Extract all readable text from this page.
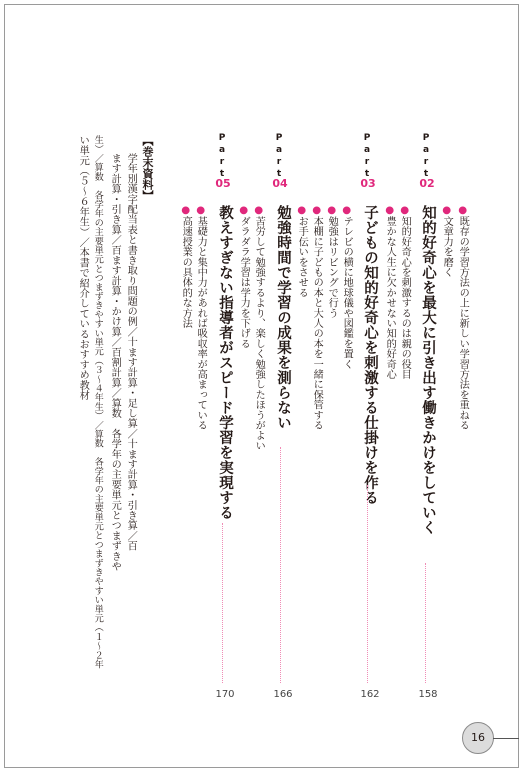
Part
02
●既存の学習方法の上に新しい学習方法を重ねる
●文章力を磨く
知的好奇心を最大に引き出す働きかけをしていく
●知的好奇心を刺激するのは親の役目
●豊かな人生に欠かせない知的好奇心
158
Part
03
子どもの知的好奇心を刺激する仕掛けを作る
●テレビの横に地球儀や図鑑を置く
●勉強はリビングで行う
●本棚に子どもの本と大人の本を一緒に保管する
●お手伝いをさせる
162
Part
04
勉強時間で学習の成果を測らない
●苦労して勉強するより、楽しく勉強したほうがよい
●ダラダラ学習は学力を下げる
166
Part
05
教えすぎない指導者がスピード学習を実現する
●基礎力と集中力があれば吸収率が高まっている
●高速授業の具体的な方法
170
【巻末資料】
学年別漢字配当表と書き取り問題の例／十ます計算・足し算／十ます計算・引き算／百
ます計算・引き算／百ます計算・かけ算／百割計算／算数　各学年の主要単元とつまずきや
生）／算数　各学年の主要単元とつまずきやすい単元（３〜４年生）／算数　各学年の主要単元とつまずきやすい単元（１〜２年
い単元（５〜６年生）／本書で紹介しているおすすめ教材
16
